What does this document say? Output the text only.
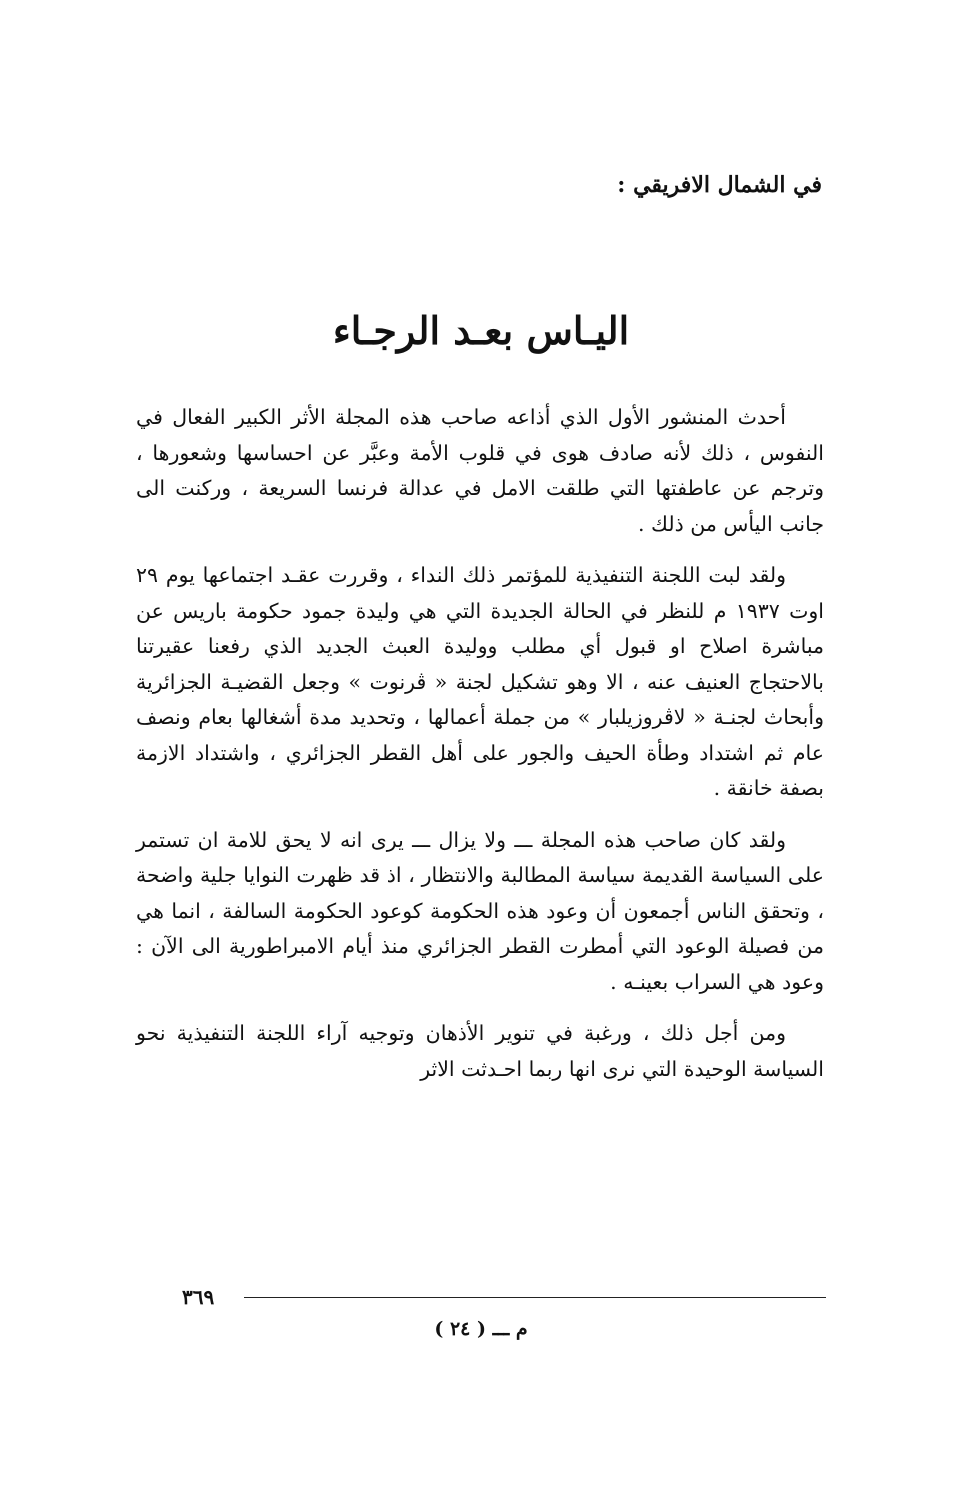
في الشمال الافريقي :
اليـاس بعـد الرجـاء

أحدث المنشور الأول الذي أذاعه صاحب هذه المجلة الأثر الكبير الفعال في النفوس ، ذلك لأنه صادف هوى في قلوب الأمة وعبَّر عن احساسها وشعورها ، وترجم عن عاطفتها التي طلقت الامل في عدالة فرنسا السريعة ، وركنت الى جانب اليأس من ذلك .

ولقد لبت اللجنة التنفيذية للمؤتمر ذلك النداء ، وقررت عقـد اجتماعها يوم ٢٩ اوت ١٩٣٧ م للنظر في الحالة الجديدة التي هي وليدة جمود حكومة باريس عن مباشرة اصلاح او قبول أي مطلب ووليدة العبث الجديد الذي رفعنا عقيرتنا بالاحتجاج العنيف عنه ، الا وهو تشكيل لجنة « ڤرنوت » وجعل القضيـة الجزائرية وأبحاث لجنـة « لاڤروزيلبار » من جملة أعمالها ، وتحديد مدة أشغالها بعام ونصف عام ثم اشتداد وطأة الحيف والجور على أهل القطر الجزائري ، واشتداد الازمة بصفة خانقة .

ولقد كان صاحب هذه المجلة ـــ ولا يزال ـــ يرى انه لا يحق للامة ان تستمر على السياسة القديمة سياسة المطالبة والانتظار ، اذ قد ظهرت النوايا جلية واضحة ، وتحقق الناس أجمعون أن وعود هذه الحكومة كوعود الحكومة السالفة ، انما هي من فصيلة الوعود التي أمطرت القطر الجزائري منذ أيام الامبراطورية الى الآن : وعود هي السراب بعينـه .

ومن أجل ذلك ، ورغبة في تنوير الأذهان وتوجيه آراء اللجنة التنفيذية نحو السياسة الوحيدة التي نرى انها ربما احـدثت الاثر

٣٦٩
م ـــ ( ٢٤ )
